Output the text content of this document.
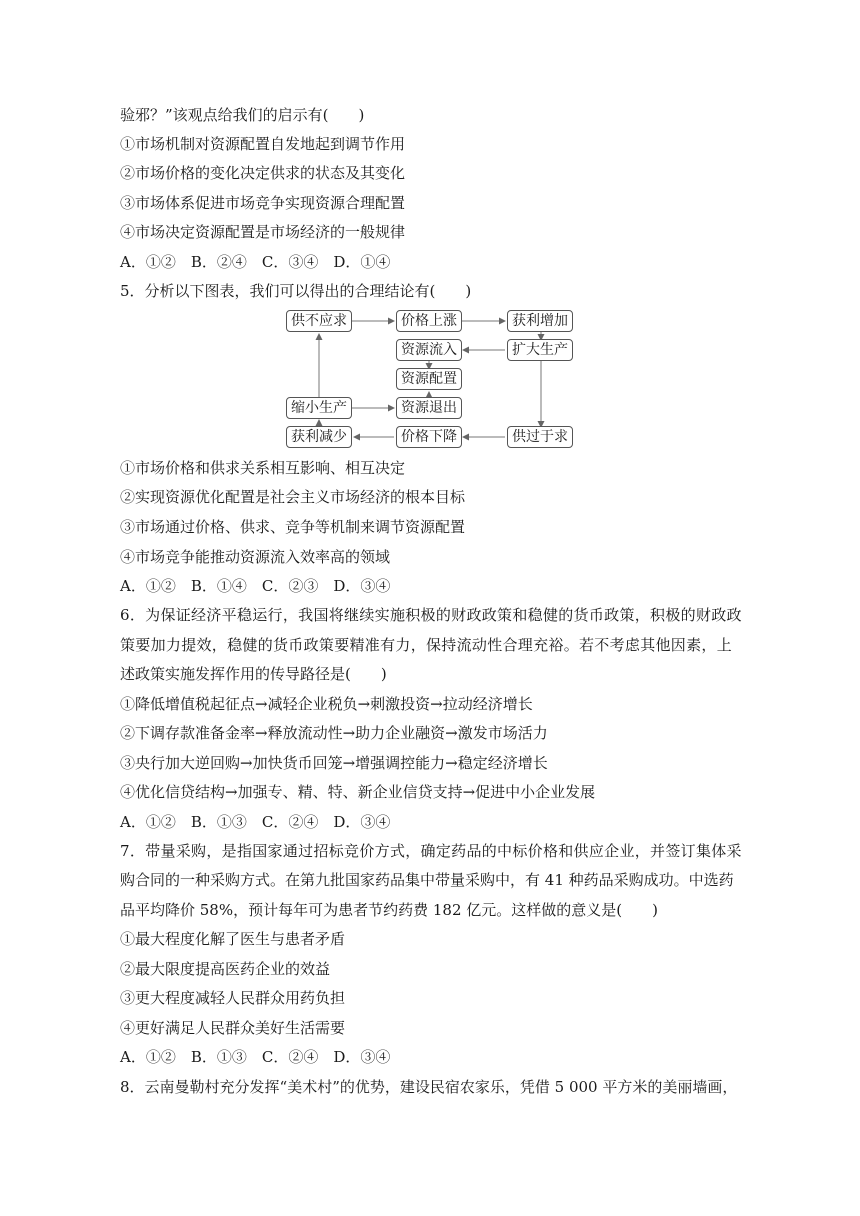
验邪？”该观点给我们的启示有(　　)
①市场机制对资源配置自发地起到调节作用
②市场价格的变化决定供求的状态及其变化
③市场体系促进市场竞争实现资源合理配置
④市场决定资源配置是市场经济的一般规律
A．①②　B．②④　C．③④　D．①④
5．分析以下图表，我们可以得出的合理结论有(　　)
供不应求	价格上涨	获利增加
资源流入	扩大生产
资源配置
缩小生产	资源退出
获利减少	价格下降	供过于求
①市场价格和供求关系相互影响、相互决定
②实现资源优化配置是社会主义市场经济的根本目标
③市场通过价格、供求、竞争等机制来调节资源配置
④市场竞争能推动资源流入效率高的领域
A．①②　B．①④　C．②③　D．③④
6．为保证经济平稳运行，我国将继续实施积极的财政政策和稳健的货币政策，积极的财政政
策要加力提效，稳健的货币政策要精准有力，保持流动性合理充裕。若不考虑其他因素，上
述政策实施发挥作用的传导路径是(　　)
①降低增值税起征点→减轻企业税负→刺激投资→拉动经济增长
②下调存款准备金率→释放流动性→助力企业融资→激发市场活力
③央行加大逆回购→加快货币回笼→增强调控能力→稳定经济增长
④优化信贷结构→加强专、精、特、新企业信贷支持→促进中小企业发展
A．①②　B．①③　C．②④　D．③④
7．带量采购，是指国家通过招标竞价方式，确定药品的中标价格和供应企业，并签订集体采
购合同的一种采购方式。在第九批国家药品集中带量采购中，有 41 种药品采购成功。中选药
品平均降价 58%，预计每年可为患者节约药费 182 亿元。这样做的意义是(　　)
①最大程度化解了医生与患者矛盾
②最大限度提高医药企业的效益
③更大程度减轻人民群众用药负担
④更好满足人民群众美好生活需要
A．①②　B．①③　C．②④　D．③④
8．云南曼勒村充分发挥“美术村”的优势，建设民宿农家乐，凭借 5 000 平方米的美丽墙画，
